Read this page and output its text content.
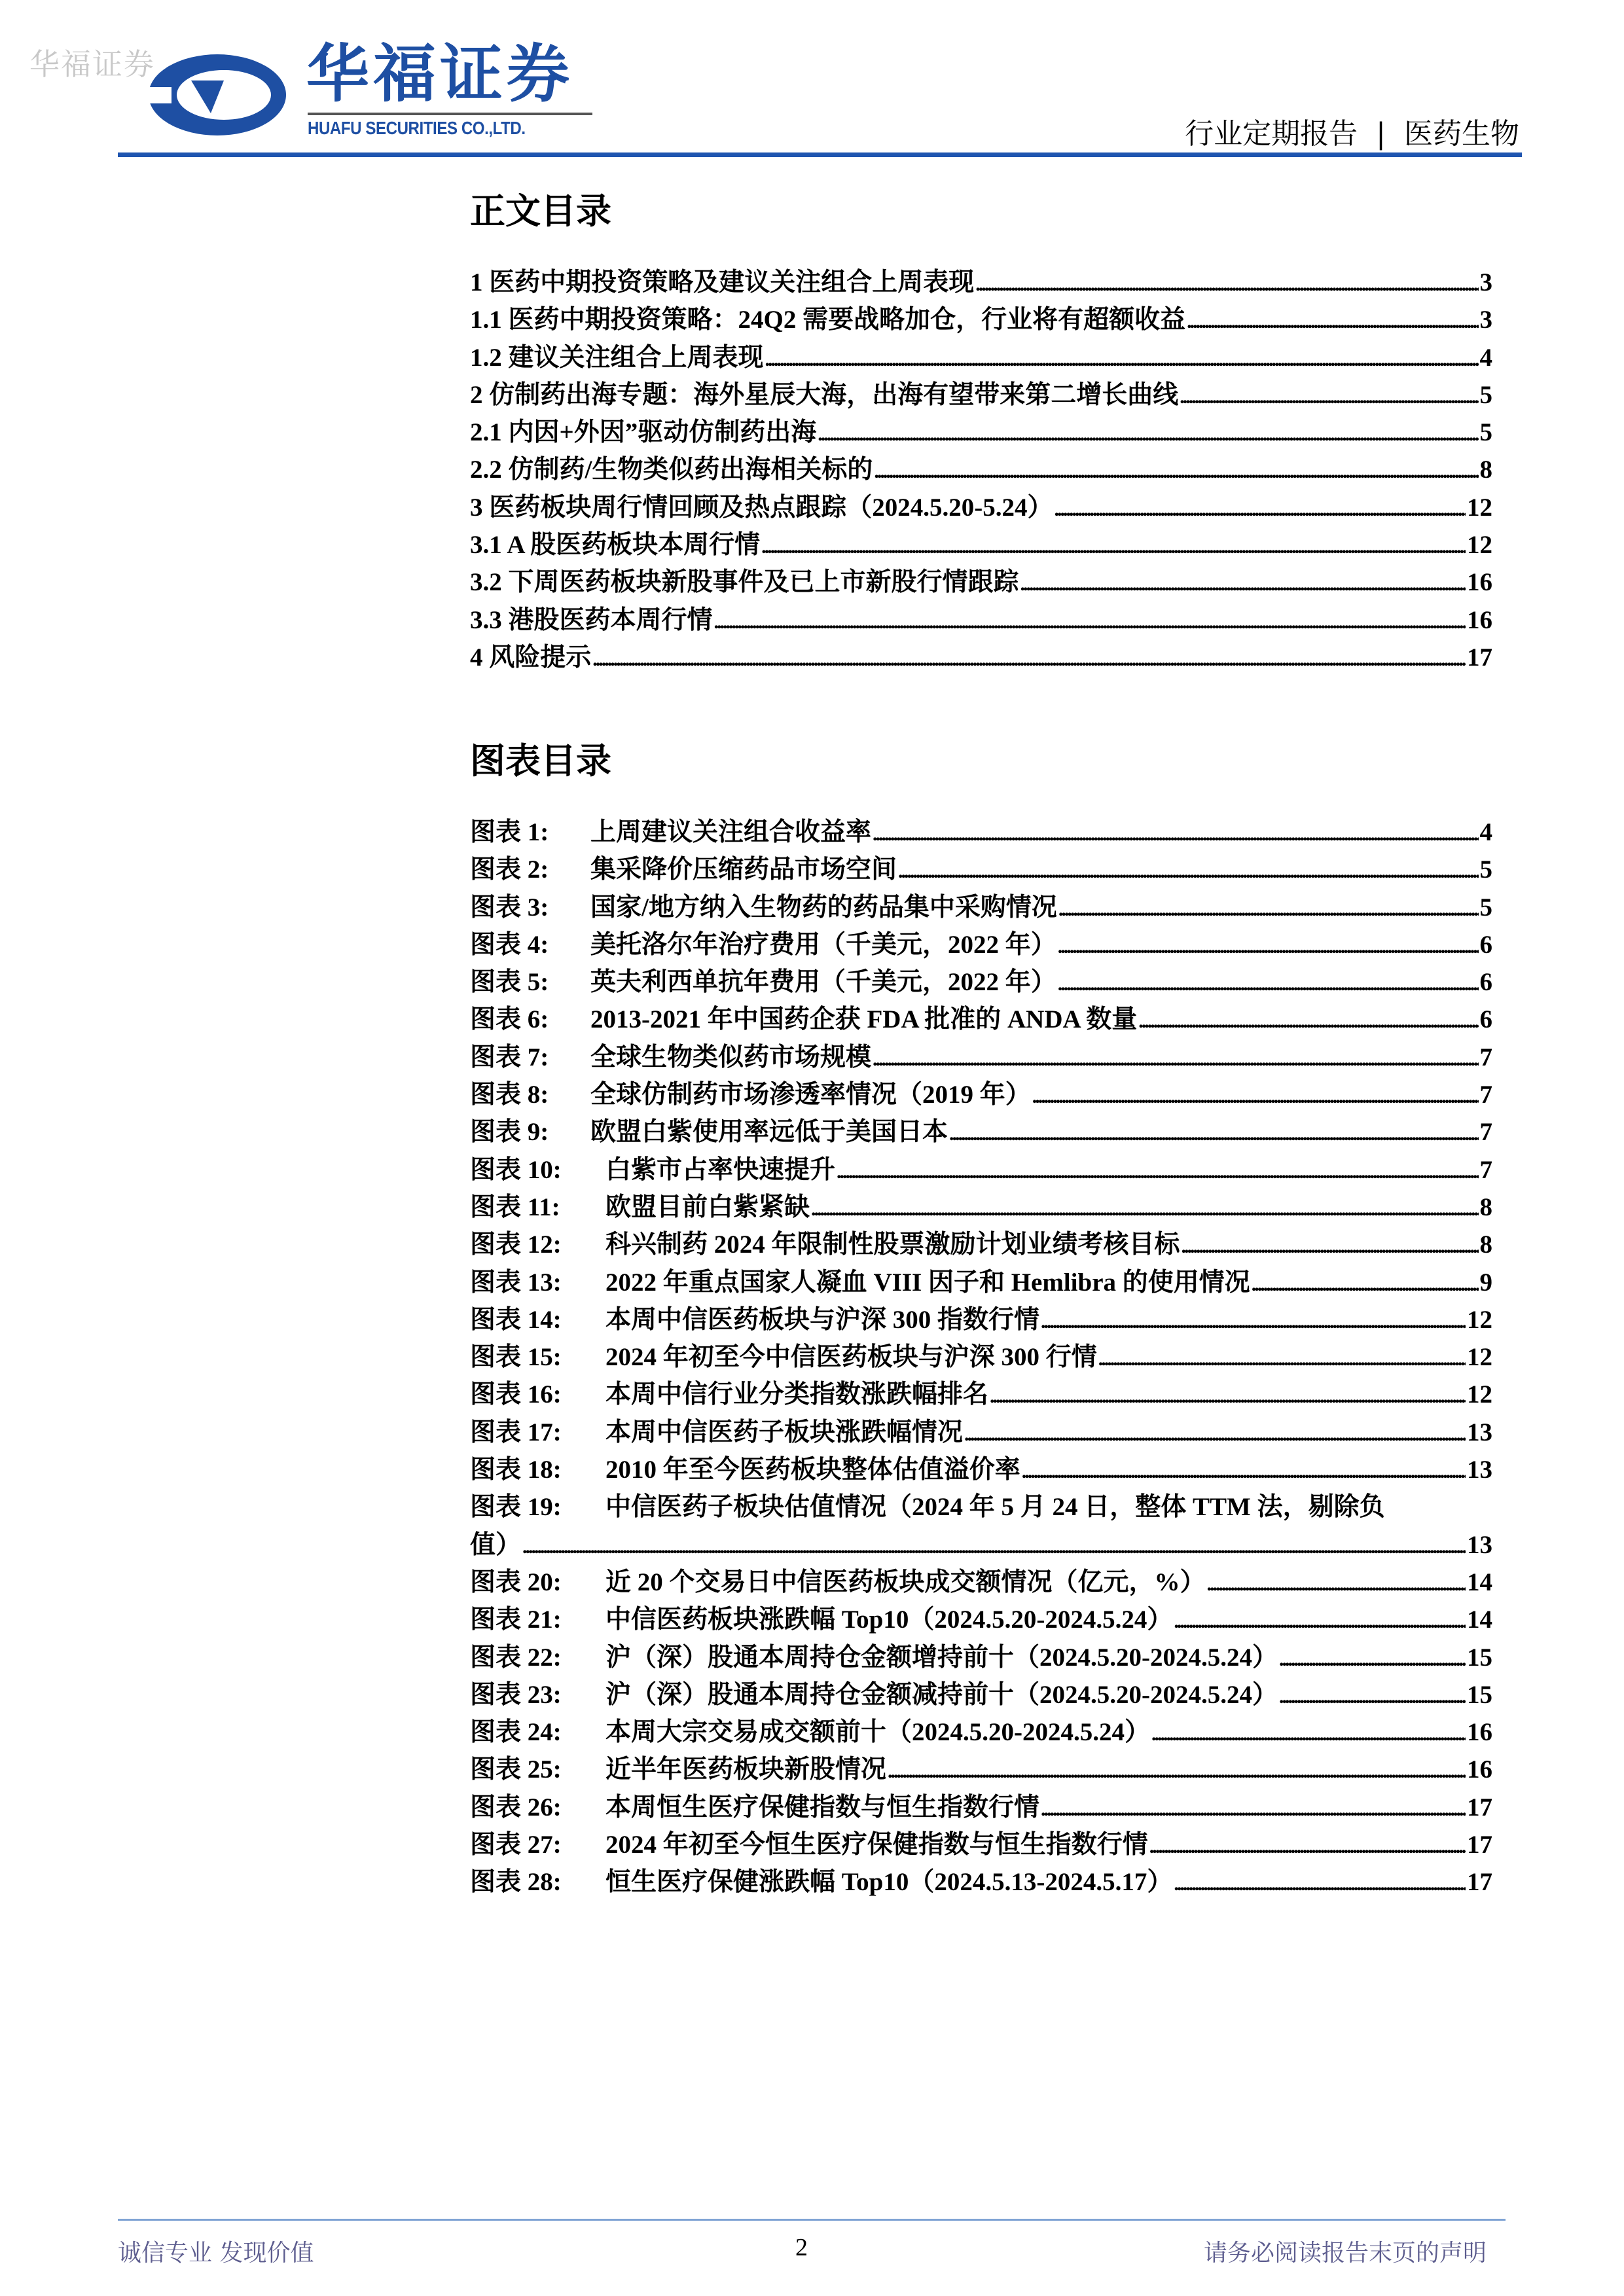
华福证券 华福证券
HUAFU SECURITIES CO.,LTD.	行业定期报告 | 医药生物
正文目录
1 医药中期投资策略及建议关注组合上周表现 .....	3
1.1 医药中期投资策略：24Q2 需要战略加仓，行业将有超额收益 .....	3
1.2 建议关注组合上周表现 .....	4
2 仿制药出海专题：海外星辰大海，出海有望带来第二增长曲线 .....	5
2.1 内因+外因”驱动仿制药出海 .....	5
2.2 仿制药/生物类似药出海相关标的 .....	8
3 医药板块周行情回顾及热点跟踪（2024.5.20-5.24） .....	12
3.1 A 股医药板块本周行情 .....	12
3.2 下周医药板块新股事件及已上市新股行情跟踪 .....	16
3.3 港股医药本周行情 .....	16
4 风险提示 .....	17
图表目录
图表 1:	上周建议关注组合收益率 .....	4
图表 2:	集采降价压缩药品市场空间 .....	5
图表 3:	国家/地方纳入生物药的药品集中采购情况 .....	5
图表 4:	美托洛尔年治疗费用（千美元，2022 年） .....	6
图表 5:	英夫利西单抗年费用（千美元，2022 年） .....	6
图表 6:	2013-2021 年中国药企获 FDA 批准的 ANDA 数量 .....	6
图表 7:	全球生物类似药市场规模 .....	7
图表 8:	全球仿制药市场渗透率情况（2019 年） .....	7
图表 9:	欧盟白紫使用率远低于美国日本 .....	7
图表 10:	白紫市占率快速提升 .....	7
图表 11:	欧盟目前白紫紧缺 .....	8
图表 12:	科兴制药 2024 年限制性股票激励计划业绩考核目标 .....	8
图表 13:	2022 年重点国家人凝血 VIII 因子和 Hemlibra 的使用情况 .....	9
图表 14:	本周中信医药板块与沪深 300 指数行情 .....	12
图表 15:	2024 年初至今中信医药板块与沪深 300 行情 .....	12
图表 16:	本周中信行业分类指数涨跌幅排名 .....	12
图表 17:	本周中信医药子板块涨跌幅情况 .....	13
图表 18:	2010 年至今医药板块整体估值溢价率 .....	13
图表 19:	中信医药子板块估值情况（2024 年 5 月 24 日，整体 TTM 法，剔除负
值） .....	13
图表 20:	近 20 个交易日中信医药板块成交额情况（亿元，%） .....	14
图表 21:	中信医药板块涨跌幅 Top10（2024.5.20-2024.5.24） .....	14
图表 22:	沪（深）股通本周持仓金额增持前十（2024.5.20-2024.5.24） .....	15
图表 23:	沪（深）股通本周持仓金额减持前十（2024.5.20-2024.5.24） .....	15
图表 24:	本周大宗交易成交额前十（2024.5.20-2024.5.24） .....	16
图表 25:	近半年医药板块新股情况 .....	16
图表 26:	本周恒生医疗保健指数与恒生指数行情 .....	17
图表 27:	2024 年初至今恒生医疗保健指数与恒生指数行情 .....	17
图表 28:	恒生医疗保健涨跌幅 Top10（2024.5.13-2024.5.17） .....	17
诚信专业 发现价值	2	请务必阅读报告末页的声明
